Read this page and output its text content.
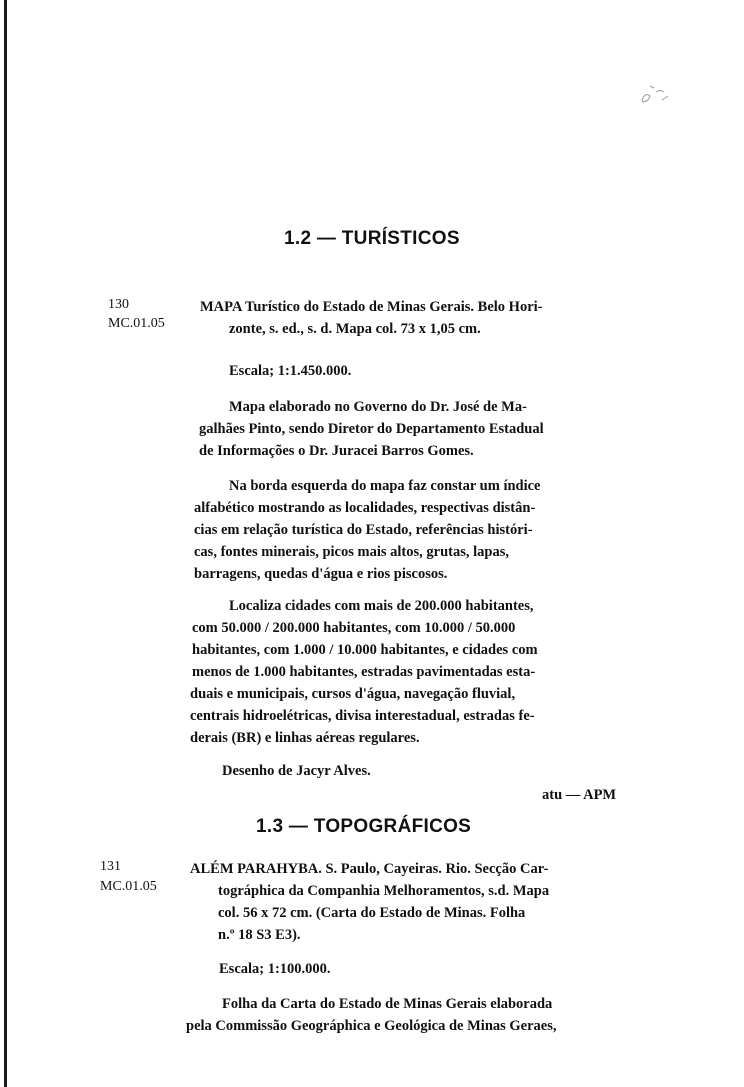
1.2 — TURÍSTICOS
130
MC.01.05
MAPA Turístico do Estado de Minas Gerais. Belo Hori-
zonte, s. ed., s. d. Mapa col. 73 x 1,05 cm.
Escala; 1:1.450.000.
Mapa elaborado no Governo do Dr. José de Ma-
galhães Pinto, sendo Diretor do Departamento Estadual
de Informações o Dr. Juracei Barros Gomes.
Na borda esquerda do mapa faz constar um índice
alfabético mostrando as localidades, respectivas distân-
cias em relação turística do Estado, referências históri-
cas, fontes minerais, picos mais altos, grutas, lapas,
barragens, quedas d'água e rios piscosos.
Localiza cidades com mais de 200.000 habitantes,
com 50.000 / 200.000 habitantes, com 10.000 / 50.000
habitantes, com 1.000 / 10.000 habitantes, e cidades com
menos de 1.000 habitantes, estradas pavimentadas esta-
duais e municipais, cursos d'água, navegação fluvial,
centrais hidroelétricas, divisa interestadual, estradas fe-
derais (BR) e linhas aéreas regulares.
Desenho de Jacyr Alves.
atu — APM
1.3 — TOPOGRÁFICOS
131
MC.01.05
ALÉM PARAHYBA. S. Paulo, Cayeiras. Rio. Secção Car-
tográphica da Companhia Melhoramentos, s.d. Mapa
col. 56 x 72 cm. (Carta do Estado de Minas. Folha
n.º 18 S3 E3).
Escala; 1:100.000.
Folha da Carta do Estado de Minas Gerais elaborada
pela Commissão Geográphica e Geológica de Minas Geraes,
